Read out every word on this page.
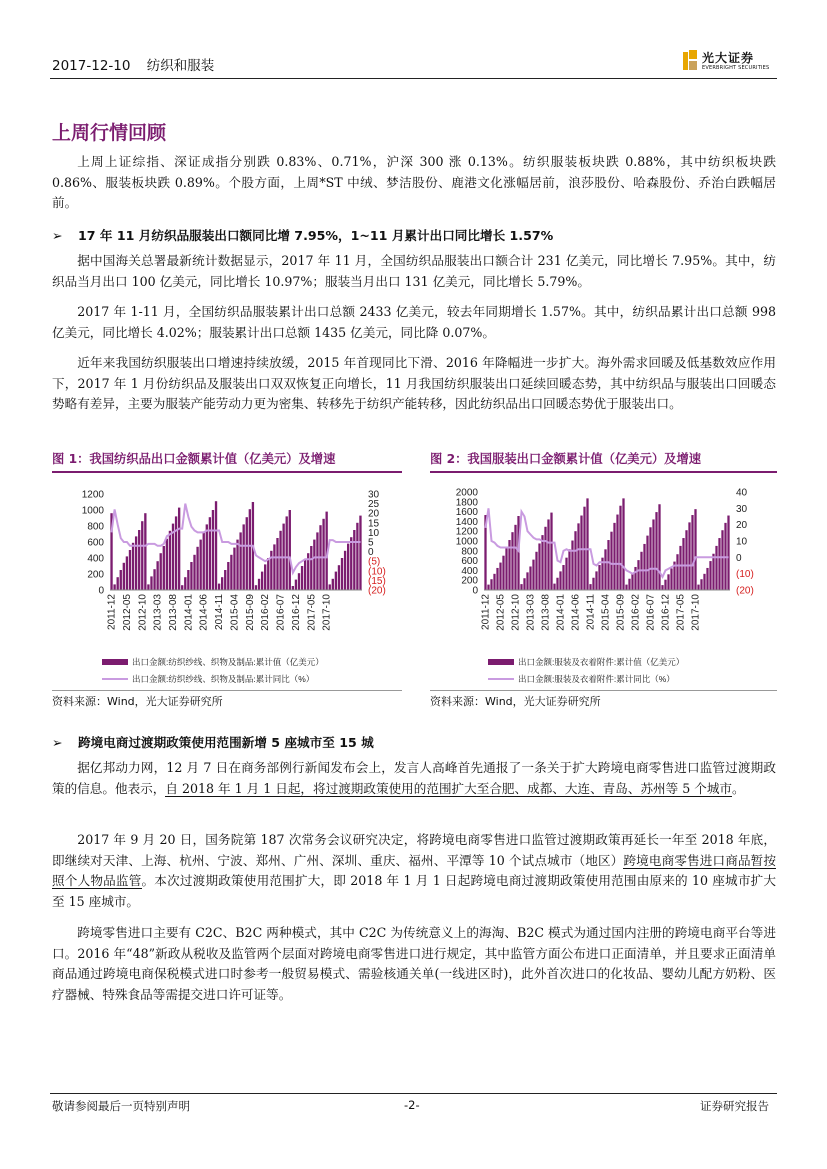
2017-12-10 纺织和服装
光大证券
EVERBRIGHT SECURITIES
上周行情回顾

上周上证综指、深证成指分别跌 0.83%、0.71%，沪深 300 涨 0.13%。纺织服装板块跌 0.88%，其中纺织板块跌 0.86%、服装板块跌 0.89%。个股方面，上周*ST 中绒、梦洁股份、鹿港文化涨幅居前，浪莎股份、哈森股份、乔治白跌幅居前。

➢ 17 年 11 月纺织品服装出口额同比增 7.95%，1~11 月累计出口同比增长 1.57%

据中国海关总署最新统计数据显示，2017 年 11 月，全国纺织品服装出口额合计 231 亿美元，同比增长 7.95%。其中，纺织品当月出口 100 亿美元，同比增长 10.97%；服装当月出口 131 亿美元，同比增长 5.79%。

2017 年 1-11 月，全国纺织品服装累计出口总额 2433 亿美元，较去年同期增长 1.57%。其中，纺织品累计出口总额 998 亿美元，同比增长 4.02%；服装累计出口总额 1435 亿美元，同比降 0.07%。

近年来我国纺织服装出口增速持续放缓，2015 年首现同比下滑、2016 年降幅进一步扩大。海外需求回暖及低基数效应作用下，2017 年 1 月份纺织品及服装出口双双恢复正向增长，11 月我国纺织服装出口延续回暖态势，其中纺织品与服装出口回暖态势略有差异，主要为服装产能劳动力更为密集、转移先于纺织产能转移，因此纺织品出口回暖态势优于服装出口。

图 1：我国纺织品出口金额累计值（亿美元）及增速
1200
1000
800
600
400
200
0
30
25
20
15
10
5
0
(5)
(10)
(15)
(20)
2011-12 2012-05 2012-10 2013-03 2013-08 2014-01 2014-06 2014-11 2015-04 2015-09 2016-02 2016-07 2016-12 2017-05 2017-10
出口金额:纺织纱线、织物及制品:累计值（亿美元）
出口金额:纺织纱线、织物及制品:累计同比（%）
资料来源：Wind，光大证券研究所
图 2：我国服装出口金额累计值（亿美元）及增速
2000
1800
1600
1400
1200
1000
800
600
400
200
0
40
30
20
10
0
(10)
(20)
2011-12 2012-05 2012-10 2013-03 2013-08 2014-01 2014-06 2014-11 2015-04 2015-09 2016-02 2016-07 2016-12 2017-05 2017-10
出口金额:服装及衣着附件:累计值（亿美元）
出口金额:服装及衣着附件:累计同比（%）
资料来源：Wind，光大证券研究所
➢ 跨境电商过渡期政策使用范围新增 5 座城市至 15 城

据亿邦动力网，12 月 7 日在商务部例行新闻发布会上，发言人高峰首先通报了一条关于扩大跨境电商零售进口监管过渡期政策的信息。他表示，自 2018 年 1 月 1 日起，将过渡期政策使用的范围扩大至合肥、成都、大连、青岛、苏州等 5 个城市。

2017 年 9 月 20 日，国务院第 187 次常务会议研究决定，将跨境电商零售进口监管过渡期政策再延长一年至 2018 年底，即继续对天津、上海、杭州、宁波、郑州、广州、深圳、重庆、福州、平潭等 10 个试点城市（地区）跨境电商零售进口商品暂按照个人物品监管。本次过渡期政策使用范围扩大，即 2018 年 1 月 1 日起跨境电商过渡期政策使用范围由原来的 10 座城市扩大至 15 座城市。

跨境零售进口主要有 C2C、B2C 两种模式，其中 C2C 为传统意义上的海淘、B2C 模式为通过国内注册的跨境电商平台等进口。2016 年“48”新政从税收及监管两个层面对跨境电商零售进口进行规定，其中监管方面公布进口正面清单，并且要求正面清单商品通过跨境电商保税模式进口时参考一般贸易模式、需验核通关单(一线进区时)，此外首次进口的化妆品、婴幼儿配方奶粉、医疗器械、特殊食品等需提交进口许可证等。

敬请参阅最后一页特别声明	-2-	证券研究报告
